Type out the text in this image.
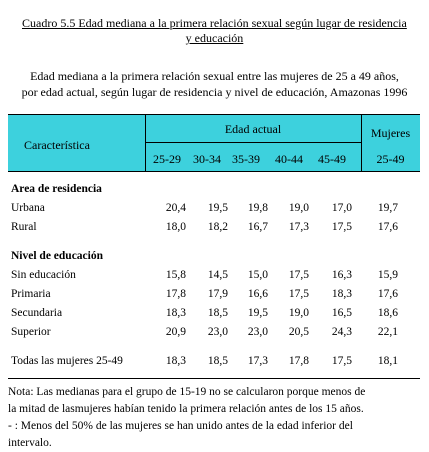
Cuadro 5.5 Edad mediana a la primera relación sexual según lugar de residencia
y educación
Edad mediana a la primera relación sexual entre las mujeres de 25 a 49 años,
por edad actual, según lugar de residencia y nivel de educación, Amazonas 1996
Característica
Edad actual	Mujeres
25-49
25-29	30-34 35-39	40-44	45-49
Area de residencia
Urbana	20,4	19,5	19,8	19,0	17,0	19,7
Rural	18,0	18,2	16,7	17,3	17,5	17,6
Nivel de educación
Sin educación	15,8	14,5	15,0	17,5	16,3	15,9
Primaria	17,8	17,9	16,6	17,5	18,3	17,6
Secundaria	18,3	18,5	19,5	19,0	16,5	18,6
Superior	20,9	23,0	23,0	20,5	24,3	22,1
Todas las mujeres 25-49	18,3	18,5	17,3	17,8	17,5	18,1
Nota: Las medianas para el grupo de 15-19 no se calcularon porque menos de
la mitad de lasmujeres habían tenido la primera relación antes de los 15 años.
- : Menos del 50% de las mujeres se han unido antes de la edad inferior del
intervalo.
